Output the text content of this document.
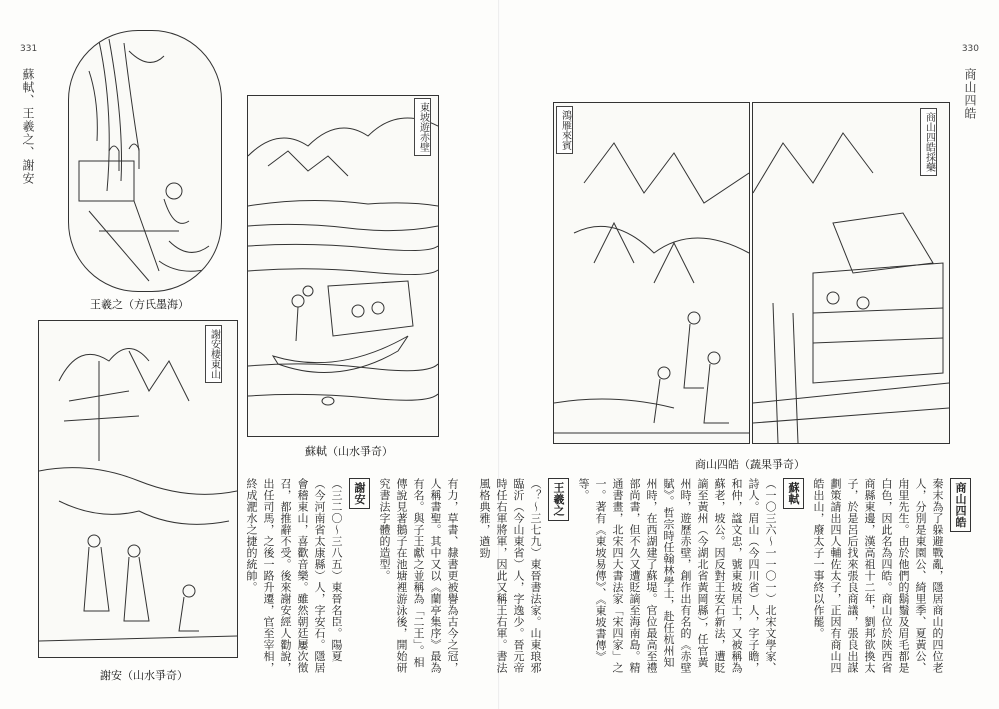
331
蘇軾、王羲之、謝安
王羲之（方氏墨海）
東坡遊赤壁
蘇軾（山水爭奇）
謝安棲東山
謝安（山水爭奇）

有力，草書、隸書更被譽為古今之冠，人稱書聖。其中又以《蘭亭集序》最為有名。與子王獻之並稱為「二王」。相傳說見著鵝子在池塘裡游泳後，開始研究書法字體的造型。

謝安

（三二〇～三八五）東晉名臣。陽夏（今河南省太康縣）人，字安石。隱居會稽東山，喜歡音樂。雖然朝廷屢次徵召，都推辭不受。後來謝安經人勸說，出任司馬，之後一路升遷，官至宰相，終成淝水之捷的統帥。

330
商山四皓
鴻雁來賓	商山四皓採藥
商山四皓（蔬果爭奇）
商山四皓

秦末為了躲避戰亂，隱居商山的四位老人，分別是東園公、綺里季、夏黃公、甪里先生。由於他們的鬍鬚及眉毛都是白色，因此名為四皓。商山位於陝西省商縣東邊，漢高祖十二年，劉邦欲換太子，於是呂后找來張良商議，張良出謀劃策請出四人輔佐太子，正因有商山四皓出山，廢太子一事終以作罷。

蘇軾

（一〇三六～一一〇一）北宋文學家、詩人。眉山（今四川省）人，字子瞻，和仲，諡文忠，號東坡居士，又被稱為蘇老，坡公。因反對王安石新法，遭貶謫至黃州（今湖北省黃岡縣），任官黃州時，遊歷赤壁，創作出有名的《赤壁賦》。哲宗時任翰林學士，赴任杭州知州時，在西湖建了蘇堤。官位最高至禮部尚書，但不久又遭貶謫至海南島。精通書畫，北宋四大書法家「宋四家」之一。著有《東坡易傳》、《東坡書傳》等。

王羲之

（？～三七九）東晉書法家。山東琅邪臨沂（今山東省）人，字逸少。晉元帝時任右軍將軍，因此又稱王右軍。書法風格典雅，遒勁
